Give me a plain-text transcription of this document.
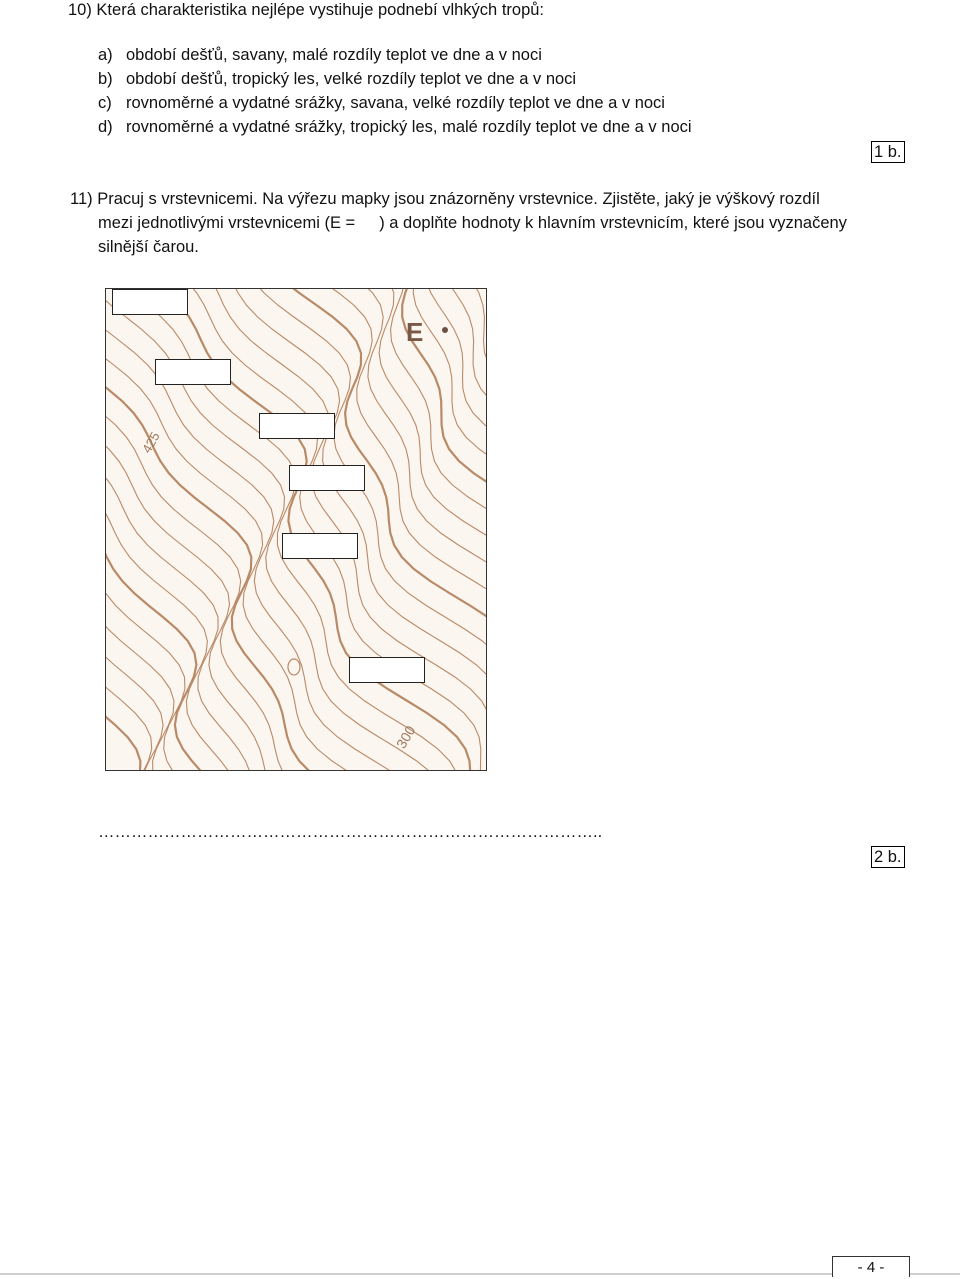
10) Která charakteristika nejlépe vystihuje podnebí vlhkých tropů:
a) období dešťů, savany, malé rozdíly teplot ve dne a v noci
b) období dešťů, tropický les, velké rozdíly teplot ve dne a v noci
c) rovnoměrné a vydatné srážky, savana, velké rozdíly teplot ve dne a v noci
d) rovnoměrné a vydatné srážky, tropický les, malé rozdíly teplot ve dne a v noci
1 b.
11) Pracuj s vrstevnicemi. Na výřezu mapky jsou znázorněny vrstevnice. Zjistěte, jaký je výškový rozdíl
mezi jednotlivými vrstevnicemi (E = ) a doplňte hodnoty k hlavním vrstevnicím, které jsou vyznačeny
silnější čarou.
E
425
300
………………………………………………………………………………..
2 b.
- 4 -
